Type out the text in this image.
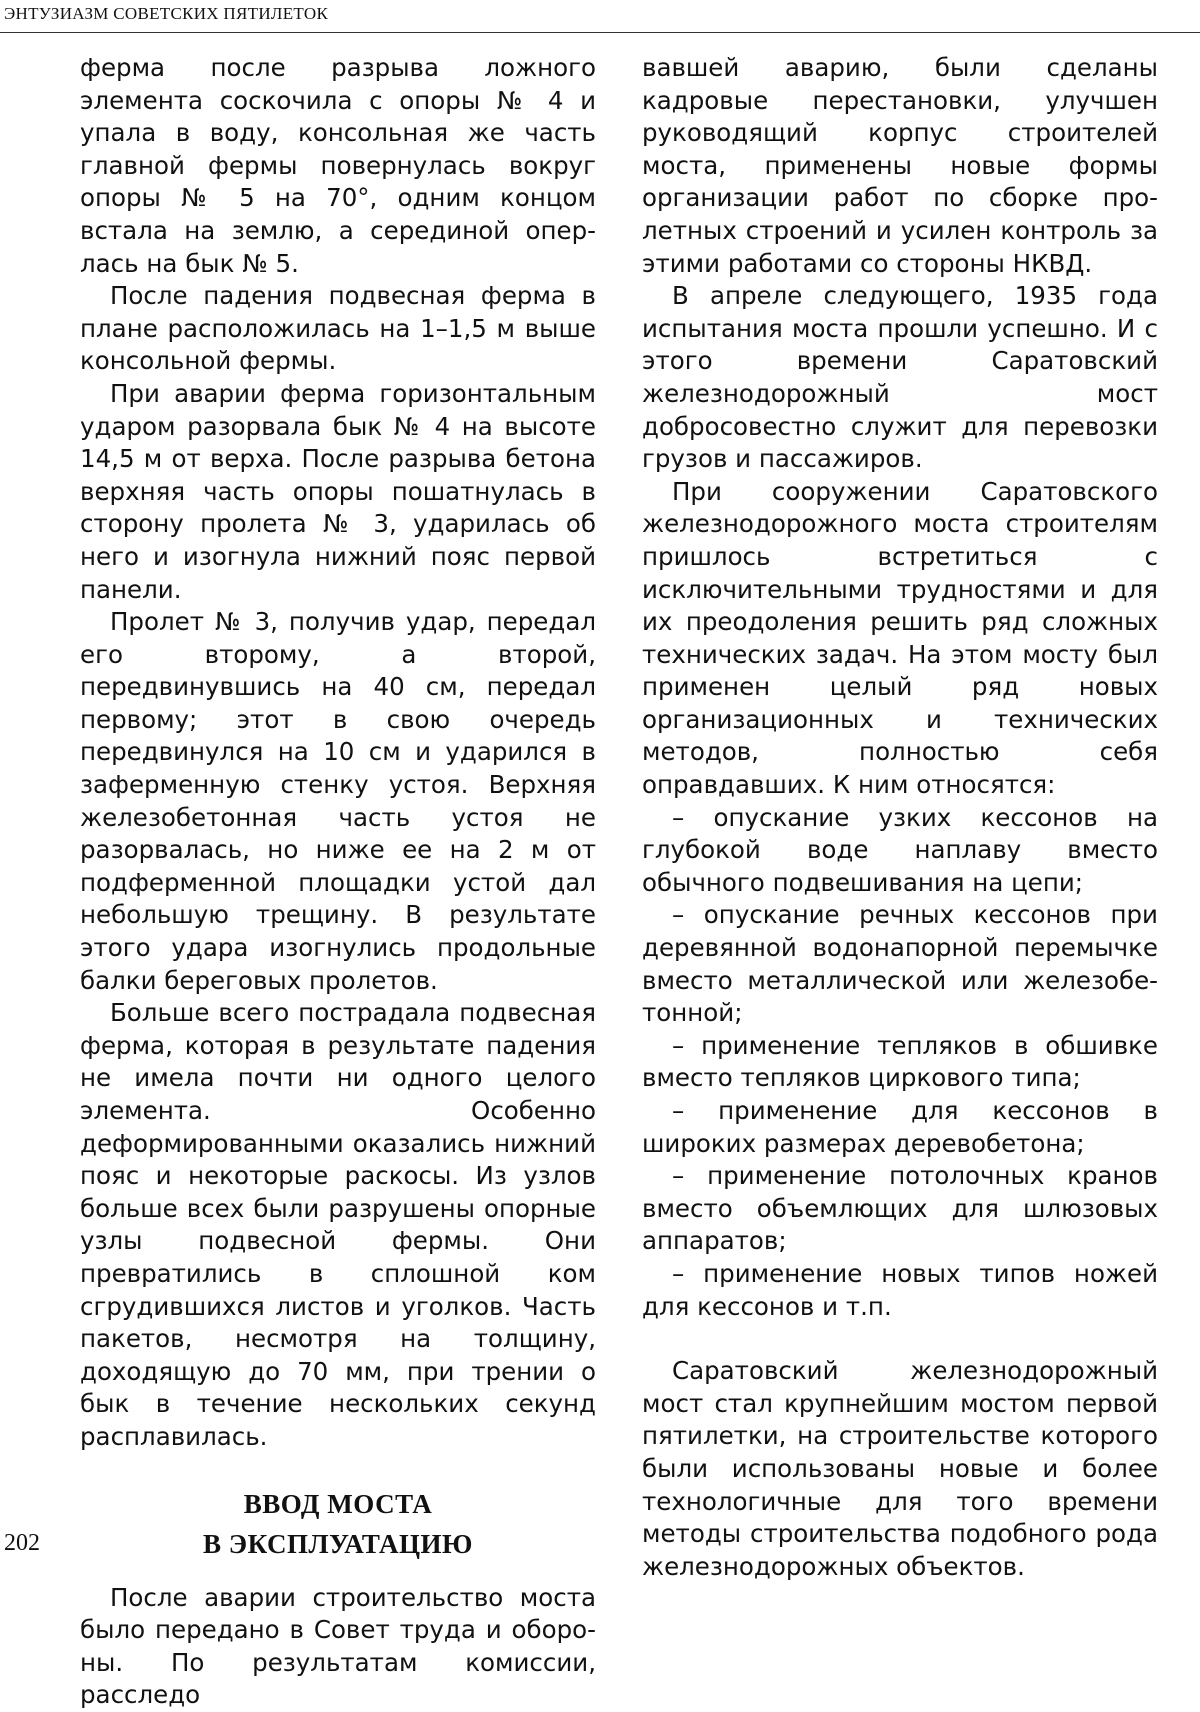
ЭНТУЗИАЗМ СОВЕТСКИХ ПЯТИЛЕТОК

ферма после разрыва ложного элемента соскочила с опоры № 4 и упала в воду, консольная же часть главной фермы повернулась вокруг опоры № 5 на 70°, одним концом встала на землю, а серединой оперлась на бык № 5.

После падения подвесная ферма в плане расположилась на 1–1,5 м выше консольной фермы.

При аварии ферма горизонтальным ударом разорвала бык № 4 на высоте 14,5 м от верха. После разрыва бетона верхняя часть опоры пошатнулась в сторону пролета № 3, ударилась об него и изогнула нижний пояс первой панели.

Пролет № 3, получив удар, передал его второму, а второй, передвинувшись на 40 см, передал первому; этот в свою очередь передвинулся на 10 см и ударился в заферменную стенку устоя. Верхняя железобетонная часть устоя не разорвалась, но ниже ее на 2 м от подферменной площадки устой дал небольшую трещину. В результате этого удара изогнулись продольные балки береговых пролетов.

Больше всего пострадала подвесная ферма, которая в результате падения не имела почти ни одного целого элемента. Особенно деформированными оказались нижний пояс и некоторые раскосы. Из узлов больше всех были разрушены опорные узлы подвесной фермы. Они превратились в сплошной ком сгрудившихся листов и уголков. Часть пакетов, несмотря на толщину, доходящую до 70 мм, при трении о бык в течение нескольких секунд расплавилась.

ВВОД МОСТА
В ЭКСПЛУАТАЦИЮ

После аварии строительство моста было передано в Совет труда и обороны. По результатам комиссии, расследо

вавшей аварию, были сделаны кадровые перестановки, улучшен руководящий корпус строителей моста, применены новые формы организации работ по сборке пролетных строений и усилен контроль за этими работами со стороны НКВД.

В апреле следующего, 1935 года испытания моста прошли успешно. И с этого времени Саратовский железнодорожный мост добросовестно служит для перевозки грузов и пассажиров.

При сооружении Саратовского железнодорожного моста строителям пришлось встретиться с исключительными трудностями и для их преодоления решить ряд сложных технических задач. На этом мосту был применен целый ряд новых организационных и технических методов, полностью себя оправдавших. К ним относятся:

– опускание узких кессонов на глубокой воде наплаву вместо обычного подвешивания на цепи;

– опускание речных кессонов при деревянной водонапорной перемычке вместо металлической или железобетонной;

– применение тепляков в обшивке вместо тепляков циркового типа;

– применение для кессонов в широких размерах деревобетона;

– применение потолочных кранов вместо объемлющих для шлюзовых аппаратов;

– применение новых типов ножей для кессонов и т.п.

Саратовский железнодорожный мост стал крупнейшим мостом первой пятилетки, на строительстве которого были использованы новые и более технологичные для того времени методы строительства подобного рода железнодорожных объектов.

202
